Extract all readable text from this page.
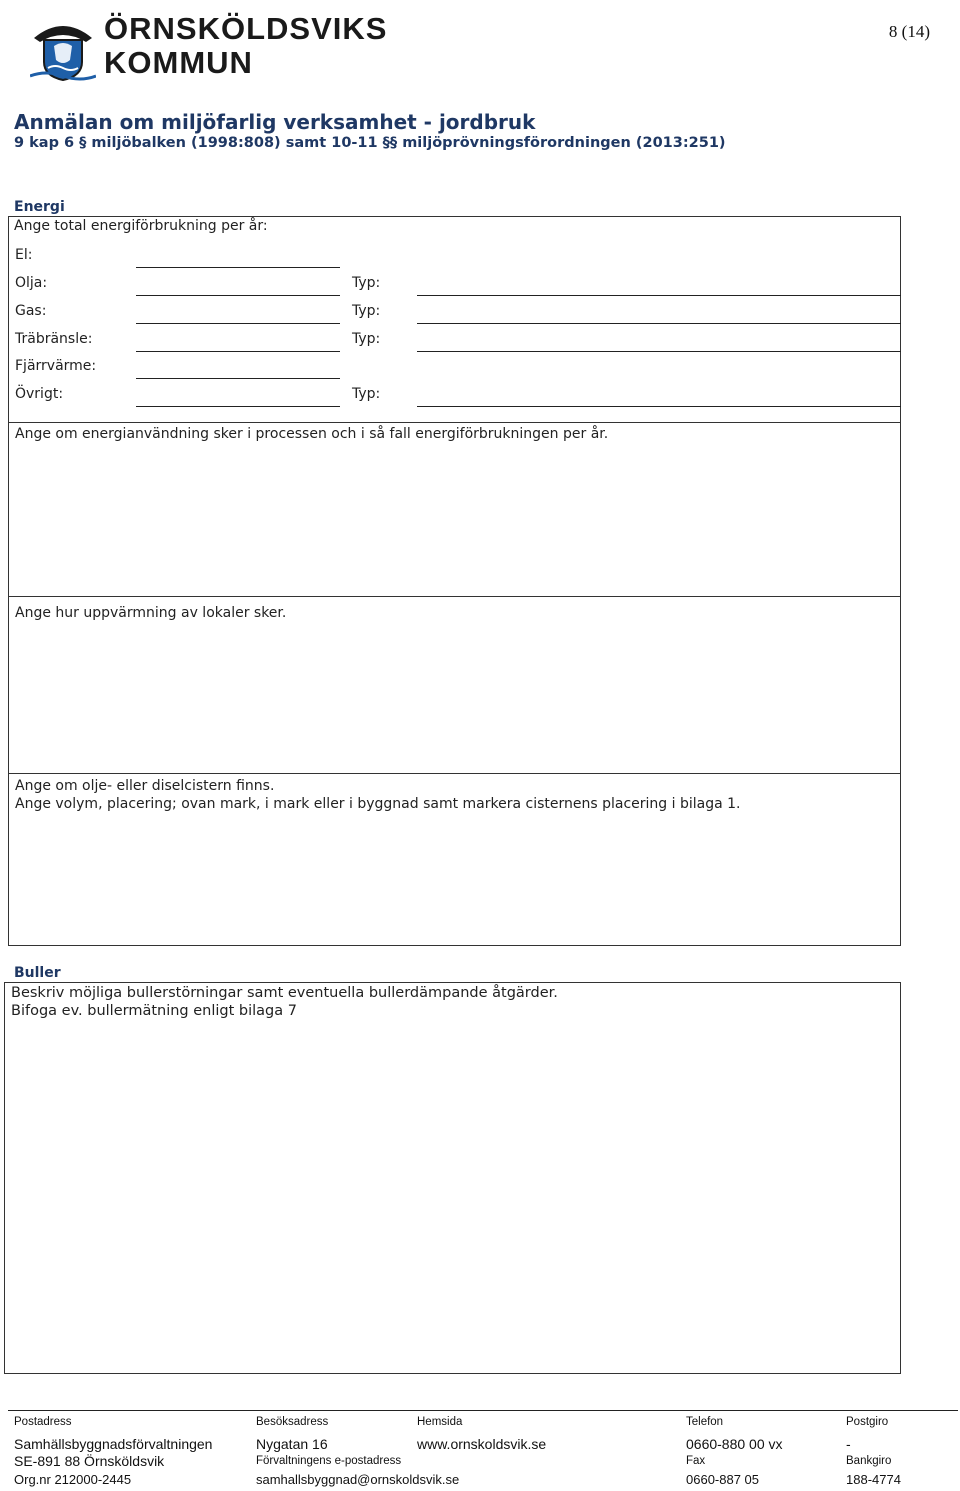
ÖRNSKÖLDSVIKS
KOMMUN
8 (14)
Anmälan om miljöfarlig verksamhet - jordbruk
9 kap 6 § miljöbalken (1998:808) samt 10-11 §§ miljöprövningsförordningen (2013:251)
Energi
Ange total energiförbrukning per år:
El:
Olja:	Typ:
Gas:	Typ:
Träbränsle:	Typ:
Fjärrvärme:
Övrigt:	Typ:
Ange om energianvändning sker i processen och i så fall energiförbrukningen per år.
Ange hur uppvärmning av lokaler sker.
Ange om olje- eller diselcistern finns.
Ange volym, placering; ovan mark, i mark eller i byggnad samt markera cisternens placering i bilaga 1.
Buller
Beskriv möjliga bullerstörningar samt eventuella bullerdämpande åtgärder.
Bifoga ev. bullermätning enligt bilaga 7
Postadress
Samhällsbyggnadsförvaltningen
SE-891 88 Örnsköldsvik
Org.nr 212000-2445
Besöksadress
Nygatan 16
Förvaltningens e-postadress
samhallsbyggnad@ornskoldsvik.se
Hemsida
www.ornskoldsvik.se
Telefon
0660-880 00 vx
Fax
0660-887 05
Postgiro
-
Bankgiro
188-4774
